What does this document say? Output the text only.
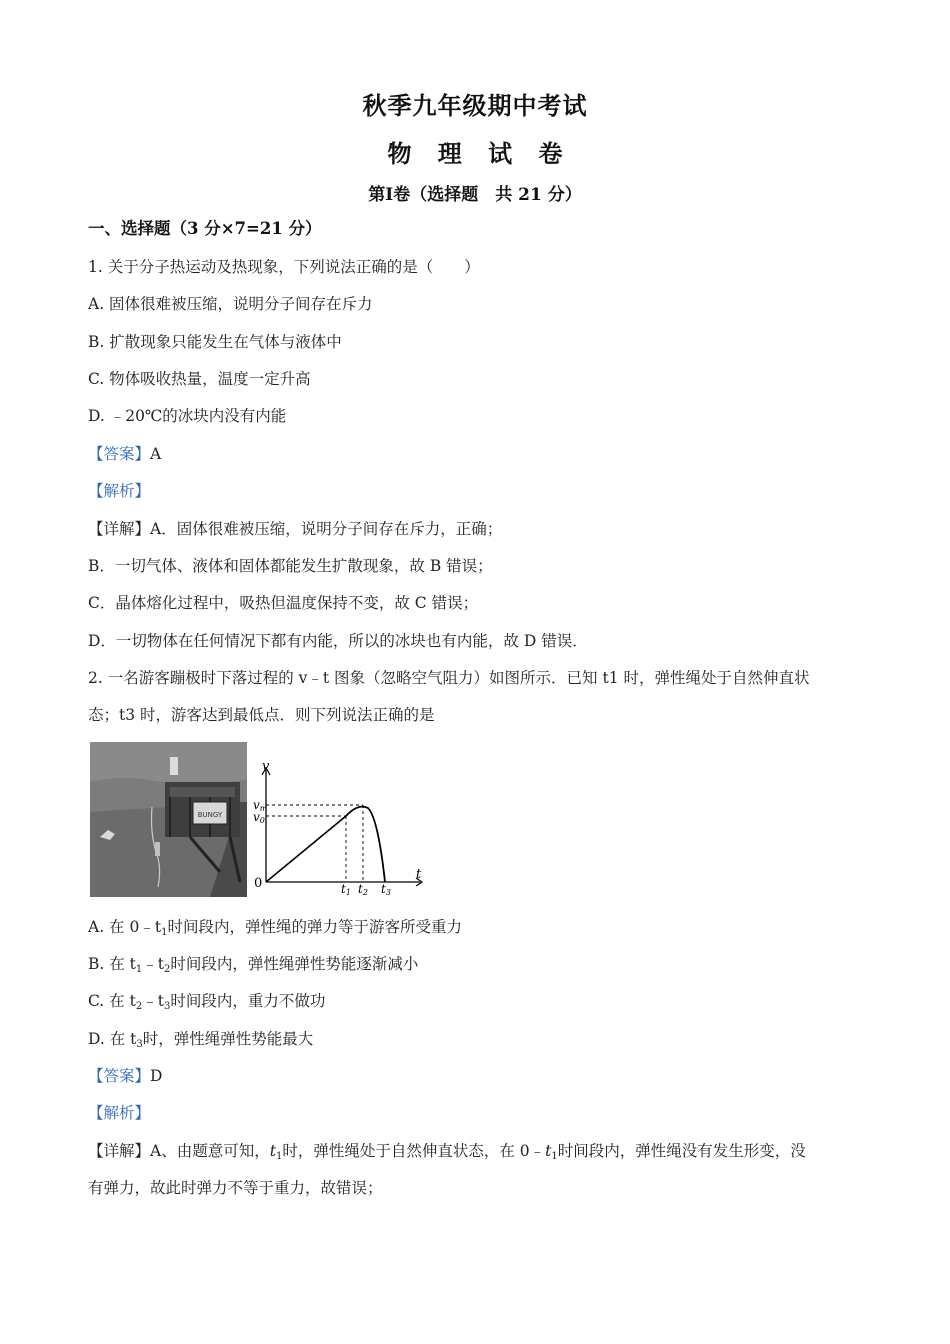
秋季九年级期中考试
物 理 试 卷
第Ⅰ卷（选择题　共 21 分）
一、选择题（3 分×7=21 分）
1. 关于分子热运动及热现象，下列说法正确的是（　　）
A. 固体很难被压缩，说明分子间存在斥力
B. 扩散现象只能发生在气体与液体中
C. 物体吸收热量，温度一定升高
D. ﹣20℃的冰块内没有内能
【答案】A
【解析】
【详解】A．固体很难被压缩，说明分子间存在斥力，正确；
B．一切气体、液体和固体都能发生扩散现象，故 B 错误；
C．晶体熔化过程中，吸热但温度保持不变，故 C 错误；
D．一切物体在任何情况下都有内能，所以的冰块也有内能，故 D 错误．
2. 一名游客蹦极时下落过程的 v﹣t 图象（忽略空气阻力）如图所示．已知 t1 时，弹性绳处于自然伸直状
态；t3 时，游客达到最低点．则下列说法正确的是
BUNGY
v
t
0
vm
v0
t1 t2 t3
A. 在 $0﹣t_1$时间段内，弹性绳的弹力等于游客所受重力
B. 在 $t_1﹣t_2$时间段内，弹性绳弹性势能逐渐减小
C. 在 $t_2﹣t_3$时间段内，重力不做功
D. 在 $t_3$时，弹性绳弹性势能最大
【答案】D
【解析】
【详解】A、由题意可知，$t_1$时，弹性绳处于自然伸直状态，在 $0﹣t_1$时间段内，弹性绳没有发生形变，没
有弹力，故此时弹力不等于重力，故错误；
